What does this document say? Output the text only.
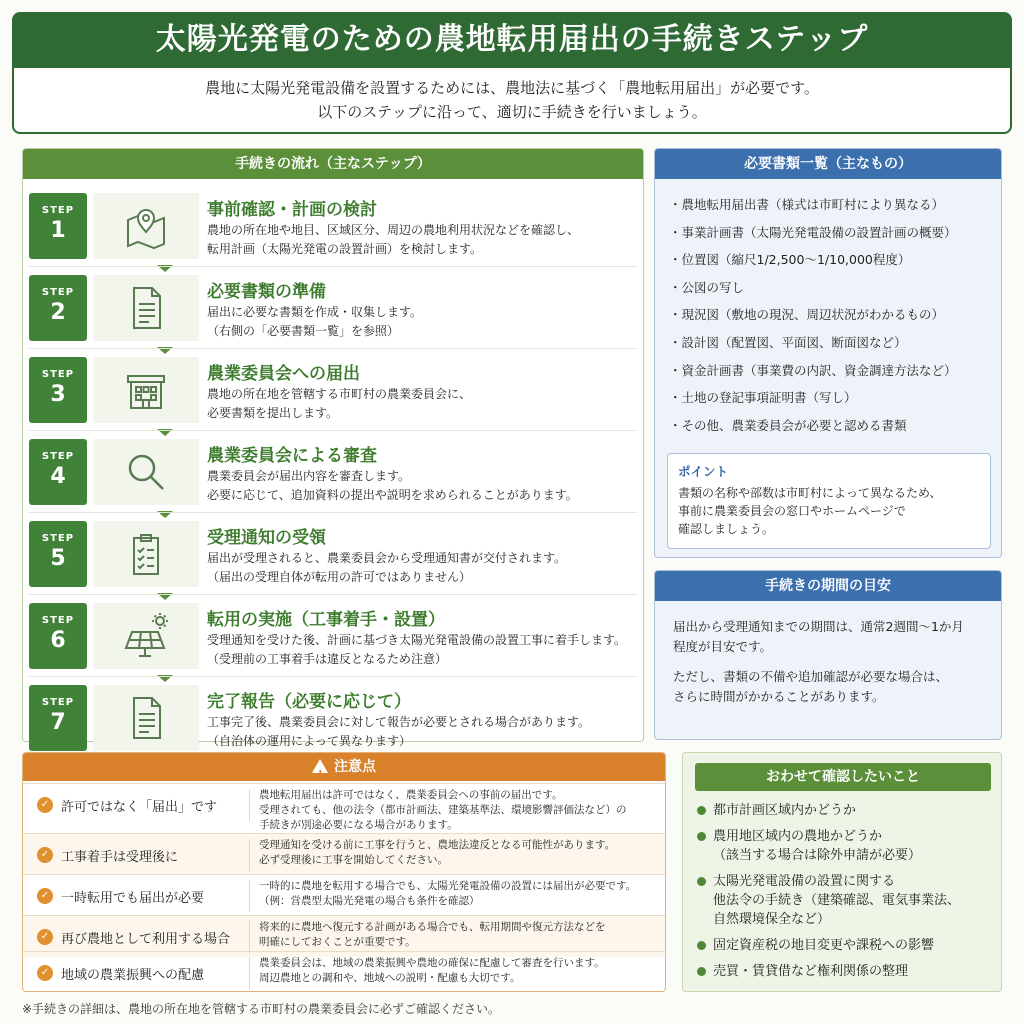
太陽光発電のための農地転用届出の手続きステップ
農地に太陽光発電設備を設置するためには、農地法に基づく「農地転用届出」が必要です。
以下のステップに沿って、適切に手続きを行いましょう。
手続きの流れ（主なステップ）
STEP
1
事前確認・計画の検討
農地の所在地や地目、区域区分、周辺の農地利用状況などを確認し、
転用計画（太陽光発電の設置計画）を検討します。
STEP
2
必要書類の準備
届出に必要な書類を作成・収集します。
（右側の「必要書類一覧」を参照）
STEP
3
農業委員会への届出
農地の所在地を管轄する市町村の農業委員会に、
必要書類を提出します。
STEP
4
農業委員会による審査
農業委員会が届出内容を審査します。
必要に応じて、追加資料の提出や説明を求められることがあります。
STEP
5
受理通知の受領
届出が受理されると、農業委員会から受理通知書が交付されます。
（届出の受理自体が転用の許可ではありません）
STEP
6
転用の実施（工事着手・設置）
受理通知を受けた後、計画に基づき太陽光発電設備の設置工事に着手します。
（受理前の工事着手は違反となるため注意）
STEP
7
完了報告（必要に応じて）
工事完了後、農業委員会に対して報告が必要とされる場合があります。
（自治体の運用によって異なります）
必要書類一覧（主なもの）
・農地転用届出書（様式は市町村により異なる）
・事業計画書（太陽光発電設備の設置計画の概要）
・位置図（縮尺1/2,500～1/10,000程度）
・公図の写し
・現況図（敷地の現況、周辺状況がわかるもの）
・設計図（配置図、平面図、断面図など）
・資金計画書（事業費の内訳、資金調達方法など）
・土地の登記事項証明書（写し）
・その他、農業委員会が必要と認める書類
ポイント
書類の名称や部数は市町村によって異なるため、
事前に農業委員会の窓口やホームページで
確認しましょう。
手続きの期間の目安

届出から受理通知までの期間は、通常2週間～1か月
程度が目安です。

ただし、書類の不備や追加確認が必要な場合は、
さらに時間がかかることがあります。

!注意点
✓ 許可ではなく「届出」です
農地転用届出は許可ではなく、農業委員会への事前の届出です。
受理されても、他の法令（都市計画法、建築基準法、環境影響評価法など）の
手続きが別途必要になる場合があります。
✓ 工事着手は受理後に
受理通知を受ける前に工事を行うと、農地法違反となる可能性があります。
必ず受理後に工事を開始してください。
✓ 一時転用でも届出が必要
一時的に農地を転用する場合でも、太陽光発電設備の設置には届出が必要です。
（例：営農型太陽光発電の場合も条件を確認）
✓ 再び農地として利用する場合
将来的に農地へ復元する計画がある場合でも、転用期間や復元方法などを
明確にしておくことが重要です。
✓ 地域の農業振興への配慮
農業委員会は、地域の農業振興や農地の確保に配慮して審査を行います。
周辺農地との調和や、地域への説明・配慮も大切です。
おわせて確認したいこと
都市計画区域内かどうか
農用地区域内の農地かどうか
（該当する場合は除外申請が必要）
太陽光発電設備の設置に関する
他法令の手続き（建築確認、電気事業法、
自然環境保全など）
固定資産税の地目変更や課税への影響
売買・賃貸借など権利関係の整理
※手続きの詳細は、農地の所在地を管轄する市町村の農業委員会に必ずご確認ください。
